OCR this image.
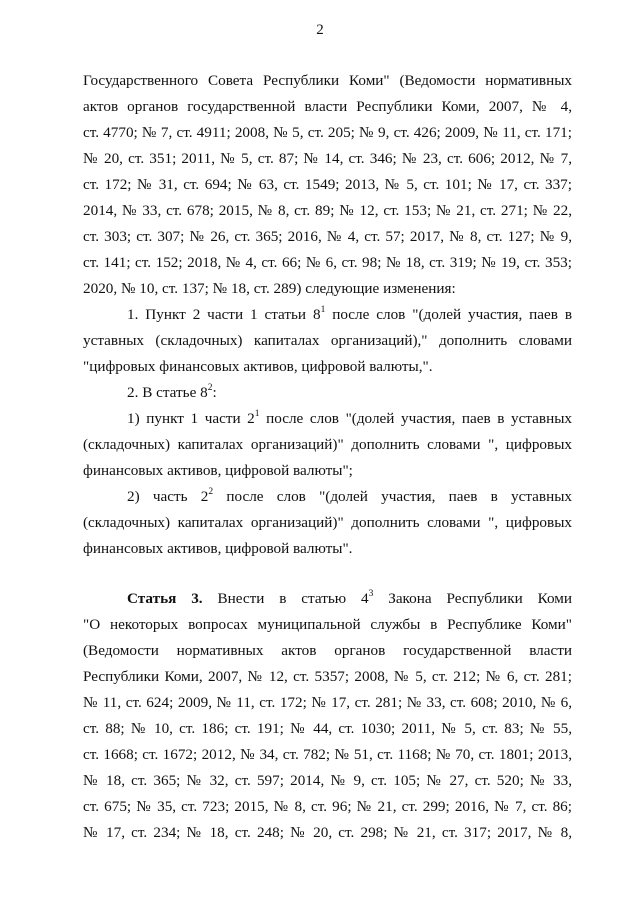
2
Государственного Совета Республики Коми" (Ведомости нормативных
актов органов государственной власти Республики Коми, 2007, № 4,
ст. 4770; № 7, ст. 4911; 2008, № 5, ст. 205; № 9, ст. 426; 2009, № 11, ст. 171;
№ 20, ст. 351; 2011, № 5, ст. 87; № 14, ст. 346; № 23, ст. 606; 2012, № 7,
ст. 172; № 31, ст. 694; № 63, ст. 1549; 2013, № 5, ст. 101; № 17, ст. 337;
2014, № 33, ст. 678; 2015, № 8, ст. 89; № 12, ст. 153; № 21, ст. 271; № 22,
ст. 303; ст. 307; № 26, ст. 365; 2016, № 4, ст. 57; 2017, № 8, ст. 127; № 9,
ст. 141; ст. 152; 2018, № 4, ст. 66; № 6, ст. 98; № 18, ст. 319; № 19, ст. 353;
2020, № 10, ст. 137; № 18, ст. 289) следующие изменения:
1. Пункт 2 части 1 статьи $8^1$ после слов "(долей участия, паев в
уставных (складочных) капиталах организаций)," дополнить словами
"цифровых финансовых активов, цифровой валюты,".
2. В статье $8^2$:
1) пункт 1 части $2^1$ после слов "(долей участия, паев в уставных
(складочных) капиталах организаций)" дополнить словами ", цифровых
финансовых активов, цифровой валюты";
2) часть $2^2$ после слов "(долей участия, паев в уставных
(складочных) капиталах организаций)" дополнить словами ", цифровых
финансовых активов, цифровой валюты".
Статья 3. Внести в статью $4^3$ Закона Республики Коми
"О некоторых вопросах муниципальной службы в Республике Коми"
(Ведомости нормативных актов органов государственной власти
Республики Коми, 2007, № 12, ст. 5357; 2008, № 5, ст. 212; № 6, ст. 281;
№ 11, ст. 624; 2009, № 11, ст. 172; № 17, ст. 281; № 33, ст. 608; 2010, № 6,
ст. 88; № 10, ст. 186; ст. 191; № 44, ст. 1030; 2011, № 5, ст. 83; № 55,
ст. 1668; ст. 1672; 2012, № 34, ст. 782; № 51, ст. 1168; № 70, ст. 1801; 2013,
№ 18, ст. 365; № 32, ст. 597; 2014, № 9, ст. 105; № 27, ст. 520; № 33,
ст. 675; № 35, ст. 723; 2015, № 8, ст. 96; № 21, ст. 299; 2016, № 7, ст. 86;
№ 17, ст. 234; № 18, ст. 248; № 20, ст. 298; № 21, ст. 317; 2017, № 8,
